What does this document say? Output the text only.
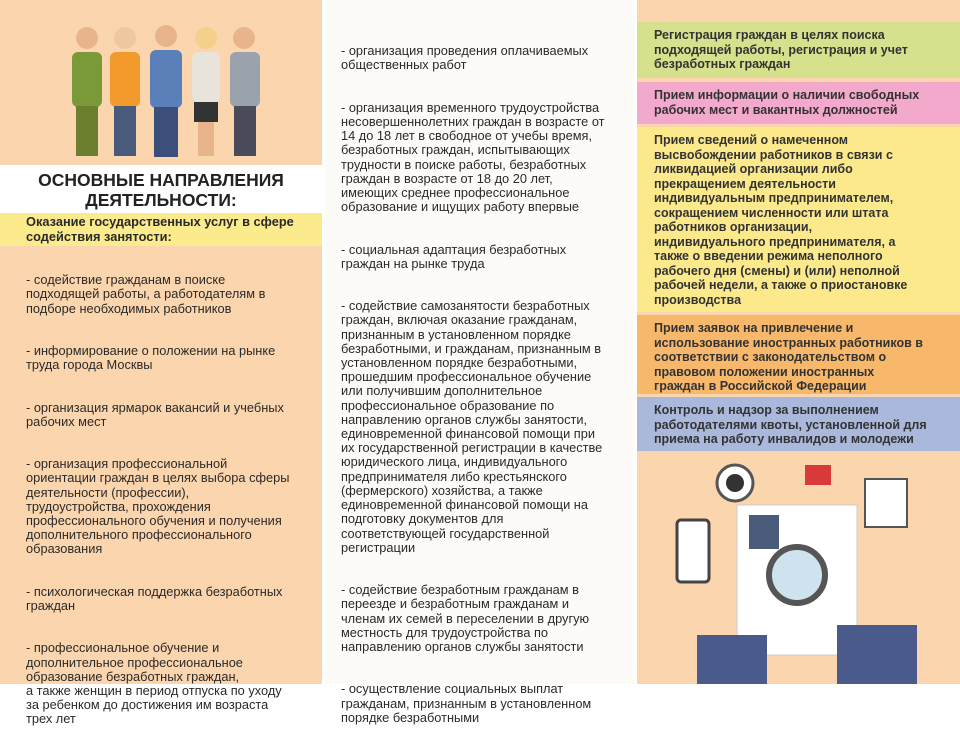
ОСНОВНЫЕ НАПРАВЛЕНИЯ
ДЕЯТЕЛЬНОСТИ:
Оказание государственных услуг в сфере
содействия занятости:

- содействие гражданам в поиске
подходящей работы, а работодателям в
подборе необходимых работников

- информирование о положении на рынке
труда города Москвы

- организация ярмарок вакансий и учебных
рабочих мест

- организация профессиональной
ориентации граждан в целях выбора сферы
деятельности (профессии),
трудоустройства, прохождения
профессионального обучения и получения
дополнительного профессионального
образования

- психологическая поддержка безработных
граждан

- профессиональное обучение и
дополнительное профессиональное
образование безработных граждан,
а также женщин в период отпуска по уходу
за ребенком до достижения им возраста
трех лет

- организация проведения оплачиваемых
общественных работ

- организация временного трудоустройства
несовершеннолетних граждан в возрасте от
14 до 18 лет в свободное от учебы время,
безработных граждан, испытывающих
трудности в поиске работы, безработных
граждан в возрасте от 18 до 20 лет,
имеющих среднее профессиональное
образование и ищущих работу впервые

- социальная адаптация безработных
граждан на рынке труда

- содействие самозанятости безработных
граждан, включая оказание гражданам,
признанным в установленном порядке
безработными, и гражданам, признанным в
установленном порядке безработными,
прошедшим профессиональное обучение
или получившим дополнительное
профессиональное образование по
направлению органов службы занятости,
единовременной финансовой помощи при
их государственной регистрации в качестве
юридического лица, индивидуального
предпринимателя либо крестьянского
(фермерского) хозяйства, а также
единовременной финансовой помощи на
подготовку документов для
соответствующей государственной
регистрации

- содействие безработным гражданам в
переезде и безработным гражданам и
членам их семей в переселении в другую
местность для трудоустройства по
направлению органов службы занятости

- осуществление социальных выплат
гражданам, признанным в установленном
порядке безработными

Регистрация граждан в целях поиска
подходящей работы, регистрация и учет
безработных граждан
Прием информации о наличии свободных
рабочих мест и вакантных должностей
Прием сведений о намеченном
высвобождении работников в связи с
ликвидацией организации либо
прекращением деятельности
индивидуальным предпринимателем,
сокращением численности или штата
работников организации,
индивидуального предпринимателя, а
также о введении режима неполного
рабочего дня (смены) и (или) неполной
рабочей недели, а также о приостановке
производства
Прием заявок на привлечение и
использование иностранных работников в
соответствии с законодательством о
правовом положении иностранных
граждан в Российской Федерации
Контроль и надзор за выполнением
работодателями квоты, установленной для
приема на работу инвалидов и молодежи
